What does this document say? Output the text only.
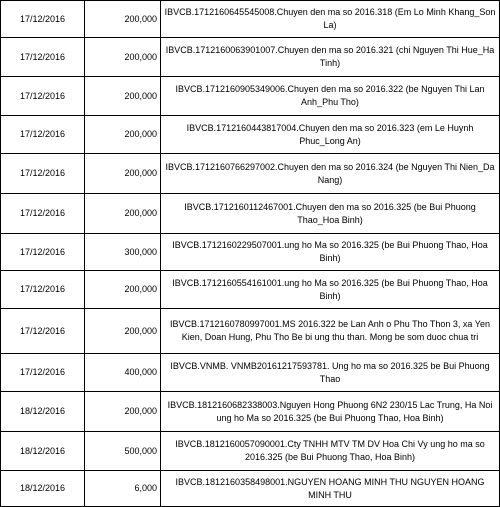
17/12/2016	200,000	IBVCB.1712160645545008.Chuyen den ma so 2016.318 (Em Lo Minh Khang_Son La)
17/12/2016	200,000	IBVCB.1712160063901007.Chuyen den ma so 2016.321 (chi Nguyen Thi Hue_Ha Tinh)
17/12/2016	200,000	IBVCB.1712160905349006.Chuyen den ma so 2016.322 (be Nguyen Thi Lan Anh_Phu Tho)
17/12/2016	200,000	IBVCB.1712160443817004.Chuyen den ma so 2016.323 (em Le Huynh Phuc_Long An)
17/12/2016	200,000	IBVCB.1712160766297002.Chuyen den ma so 2016.324 (be Nguyen Thi Nien_Da Nang)
17/12/2016	200,000	IBVCB.1712160112467001.Chuyen den ma so 2016.325 (be Bui Phuong Thao_Hoa Binh)
17/12/2016	300,000	IBVCB.1712160229507001.ung ho Ma so 2016.325 (be Bui Phuong Thao, Hoa Binh)
17/12/2016	200,000	IBVCB.1712160554161001.ung ho Ma so 2016.325 (be Bui Phuong Thao, Hoa Binh)
17/12/2016	200,000	IBVCB.1712160780997001.MS 2016.322 be Lan Anh o Phu Tho Thon 3, xa Yen Kien, Doan Hung, Phu Tho Be bi ung thu than. Mong be som duoc chua tri
17/12/2016	400,000	IBVCB.VNMB. VNMB20161217593781. Ung ho ma so 2016.325 be Bui Phuong Thao
18/12/2016	200,000	IBVCB.1812160682338003.Nguyen Hong Phuong 6N2 230/15 Lac Trung, Ha Noi ung ho Ma so 2016.325 (be Bui Phuong Thao, Hoa Binh)
18/12/2016	500,000	IBVCB.1812160057090001.Cty TNHH MTV TM DV Hoa Chi Vy ung ho ma so 2016.325 (be Bui Phuong Thao, Hoa Binh)
18/12/2016	6,000	IBVCB.1812160358498001.NGUYEN HOANG MINH THU NGUYEN HOANG MINH THU
